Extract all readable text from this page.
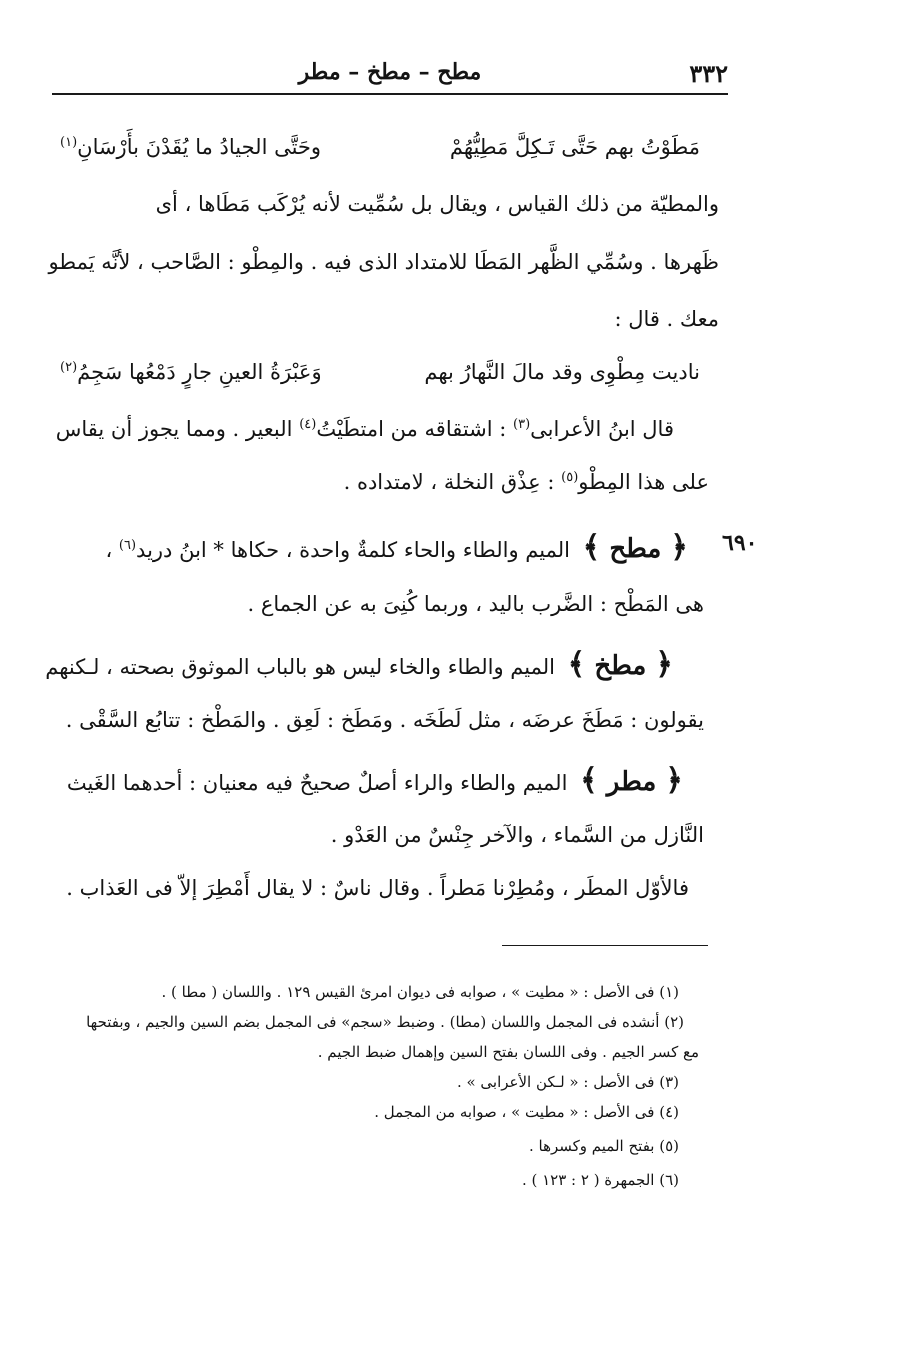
٣٣٢
مطح – مطخ – مطر
مَطَوْتُ بهم حَتَّى تَـكِلَّ مَطِيُّهُمْ
وحَتَّى الجيادُ ما يُقَدْنَ بأَرْسَانِ$^{(١)}$
والمطيّة من ذلك القياس ، ويقال بل سُمِّيت لأنه يُرْكَب مَطَاها ، أى
ظَهرها . وسُمِّي الظَّهر المَطَا للامتداد الذى فيه . والمِطْو : الصَّاحب ، لأنَّه يَمطو
معك . قال :
ناديت مِطْوِى وقد مالَ النَّهارُ بهم
وَعَبْرَةُ العينِ جارٍ دَمْعُها سَجِمُ$^{(٢)}$
قال ابنُ الأعرابى$^{(٣)}$ : اشتقاقه من امتطَيْتُ$^{(٤)}$ البعير . ومما يجوز أن يقاس
على هذا المِطْو$^{(٥)}$ : عِذْق النخلة ، لامتداده .
٦٩٠
﴿ مطح ﴾ الميم والطاء والحاء كلمةٌ واحدة ، حكاها * ابنُ دريد$^{(٦)}$ ،
هى المَطْح : الضَّرب باليد ، وربما كُنِىَ به عن الجماع .
﴿ مطخ ﴾ الميم والطاء والخاء ليس هو بالباب الموثوق بصحته ، لـكنهم
يقولون : مَطَخَ عرضَه ، مثل لَطَخَه . ومَطَخ : لَعِق . والمَطْخ : تتابُع السَّقْى .
﴿ مطر ﴾ الميم والطاء والراء أصلٌ صحيحٌ فيه معنيان : أحدهما الغَيث
النَّازل من السَّماء ، والآخر جِنْسٌ من العَدْو .
فالأوّل المطَر ، ومُطِرْنا مَطراً . وقال ناسٌ : لا يقال أَمْطِرَ إلاّ فى العَذاب .
(١) فى الأصل : « مطيت » ، صوابه فى ديوان امرئ القيس ١٢٩ . واللسان ( مطا ) .
(٢) أنشده فى المجمل واللسان (مطا) . وضبط «سجم» فى المجمل بضم السين والجيم ، وبفتحها
مع كسر الجيم . وفى اللسان بفتح السين وإهمال ضبط الجيم .
(٣) فى الأصل : « لـكن الأعرابى » .
(٤) فى الأصل : « مطيت » ، صوابه من المجمل .
(٥) بفتح الميم وكسرها .
(٦) الجمهرة ( ٢ : ١٢٣ ) .
